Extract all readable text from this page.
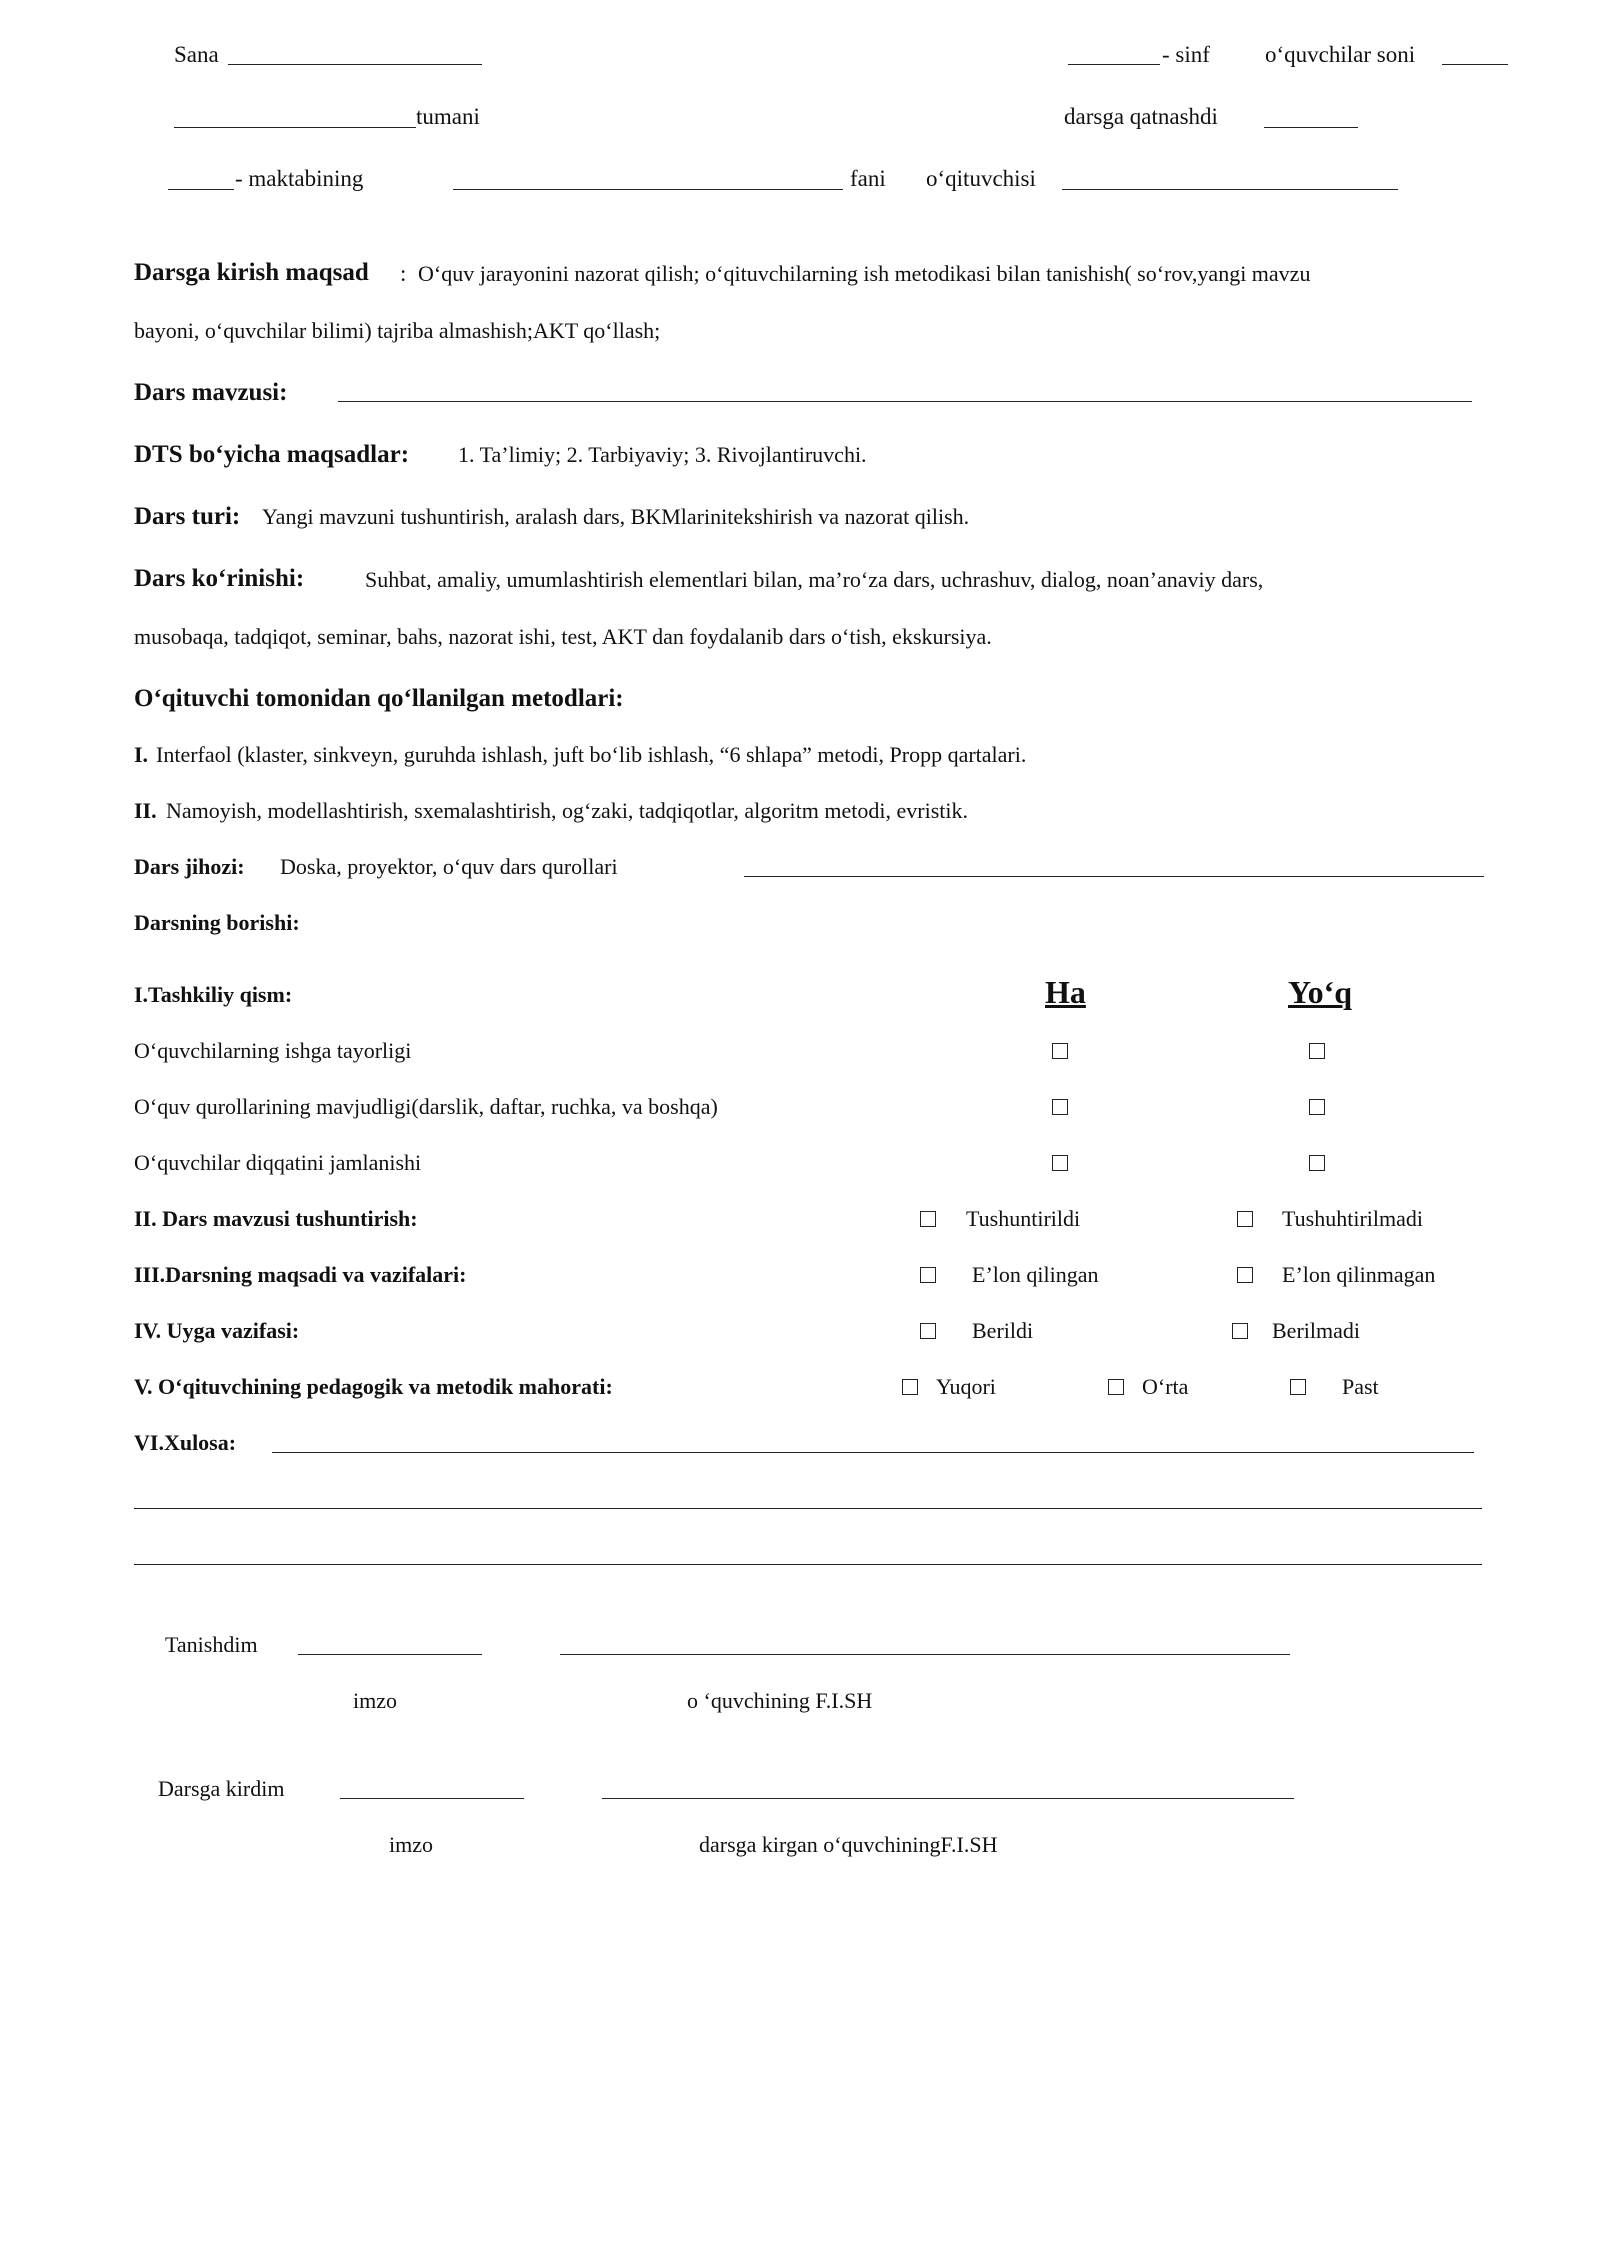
Sana	- sinf o‘quvchilar soni
tumani	darsga qatnashdi
- maktabining	fani o‘qituvchisi
Darsga kirish maqsad : O‘quv jarayonini nazorat qilish; o‘qituvchilarning ish metodikasi bilan tanishish( so‘rov,yangi mavzu
bayoni, o‘quvchilar bilimi) tajriba almashish;AKT qo‘llash;
Dars mavzusi:
DTS bo‘yicha maqsadlar: 1. Ta’limiy; 2. Tarbiyaviy; 3. Rivojlantiruvchi.
Dars turi: Yangi mavzuni tushuntirish, aralash dars, BKMlarinitekshirish va nazorat qilish.
Dars ko‘rinishi:	Suhbat, amaliy, umumlashtirish elementlari bilan, ma’ro‘za dars, uchrashuv, dialog, noan’anaviy dars,
musobaqa, tadqiqot, seminar, bahs, nazorat ishi, test, AKT dan foydalanib dars o‘tish, ekskursiya.
O‘qituvchi tomonidan qo‘llanilgan metodlari:
I. Interfaol (klaster, sinkveyn, guruhda ishlash, juft bo‘lib ishlash, “6 shlapa” metodi, Propp qartalari.
II. Namoyish, modellashtirish, sxemalashtirish, og‘zaki, tadqiqotlar, algoritm metodi, evristik.
Dars jihozi: Doska, proyektor, o‘quv dars qurollari
Darsning borishi:
I.Tashkiliy qism:	Ha	Yo‘q
O‘quvchilarning ishga tayorligi
O‘quv qurollarining mavjudligi(darslik, daftar, ruchka, va boshqa)
O‘quvchilar diqqatini jamlanishi
II. Dars mavzusi tushuntirish:	Tushuntirildi	Tushuhtirilmadi
III.Darsning maqsadi va vazifalari:	E’lon qilingan	E’lon qilinmagan
IV. Uyga vazifasi:	Berildi	Berilmadi
V. O‘qituvchining pedagogik va metodik mahorati:	Yuqori	O‘rta	Past
VI.Xulosa:
Tanishdim
imzo	o ‘quvchining F.I.SH
Darsga kirdim
imzo	darsga kirgan o‘quvchiningF.I.SH
